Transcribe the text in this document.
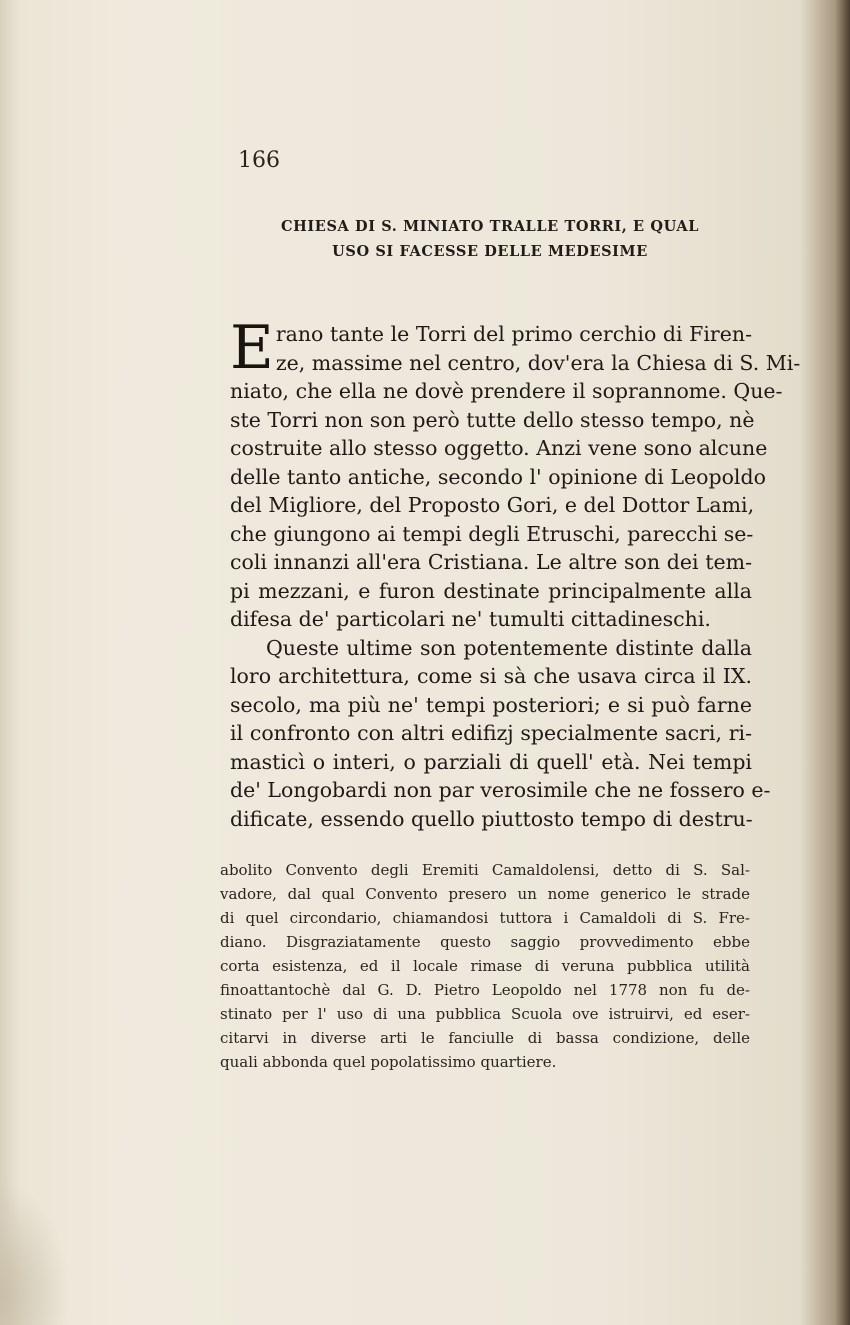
166
CHIESA DI S. MINIATO TRALLE TORRI, E QUAL
USO SI FACESSE DELLE MEDESIME
E rano tante le Torri del primo cerchio di Firen-
ze, massime nel centro, dov'era la Chiesa di S. Mi-
niato, che ella ne dovè prendere il soprannome. Que-
ste Torri non son però tutte dello stesso tempo, nè
costruite allo stesso oggetto. Anzi vene sono alcune
delle tanto antiche, secondo l' opinione di Leopoldo
del Migliore, del Proposto Gori, e del Dottor Lami,
che giungono ai tempi degli Etruschi, parecchi se-
coli innanzi all'era Cristiana. Le altre son dei tem-
pi mezzani, e furon destinate principalmente alla
difesa de' particolari ne' tumulti cittadineschi.
Queste ultime son potentemente distinte dalla
loro architettura, come si sà che usava circa il IX.
secolo, ma più ne' tempi posteriori; e si può farne
il confronto con altri edifizj specialmente sacri, ri-
masticì o interi, o parziali di quell' età. Nei tempi
de' Longobardi non par verosimile che ne fossero e-
dificate, essendo quello piuttosto tempo di destru-
abolito Convento degli Eremiti Camaldolensi, detto di S. Sal-
vadore, dal qual Convento presero un nome generico le strade
di quel circondario, chiamandosi tuttora i Camaldoli di S. Fre-
diano. Disgraziatamente questo saggio provvedimento ebbe
corta esistenza, ed il locale rimase di veruna pubblica utilità
finoattantochè dal G. D. Pietro Leopoldo nel 1778 non fu de-
stinato per l' uso di una pubblica Scuola ove istruirvi, ed eser-
citarvi in diverse arti le fanciulle di bassa condizione, delle
quali abbonda quel popolatissimo quartiere.
